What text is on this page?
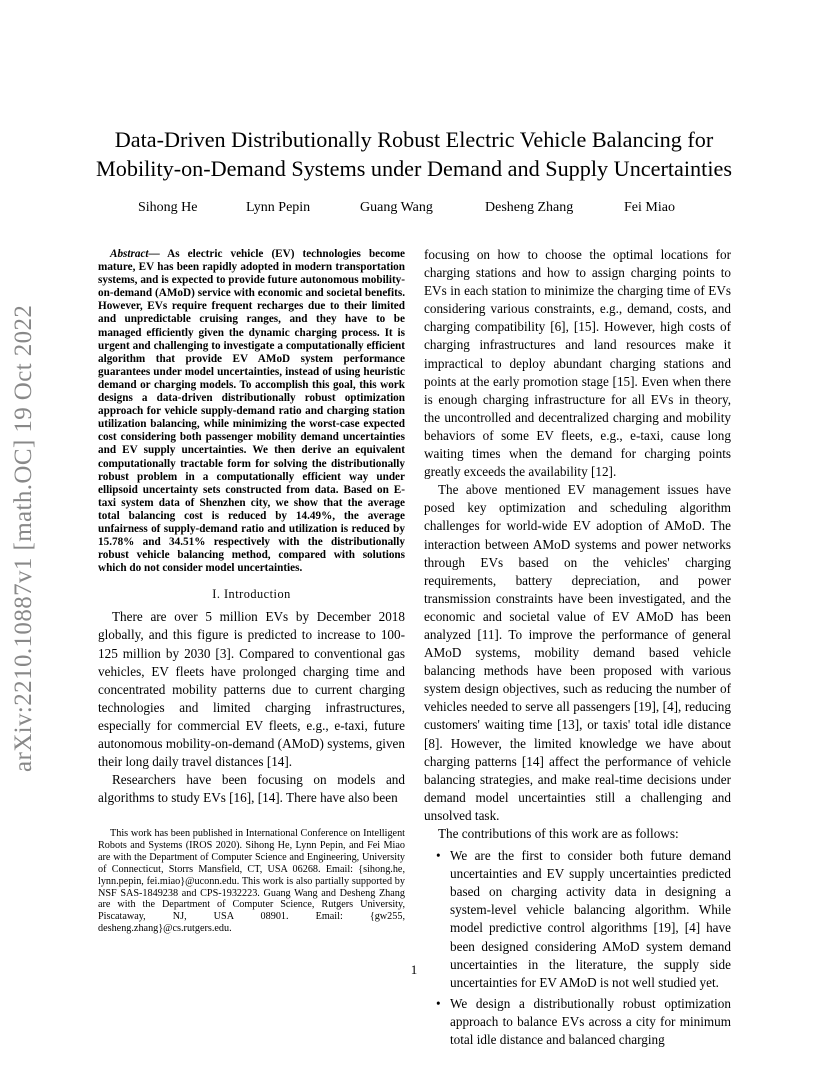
arXiv:2210.10887v1 [math.OC] 19 Oct 2022
Data-Driven Distributionally Robust Electric Vehicle Balancing for
Mobility-on-Demand Systems under Demand and Supply Uncertainties
Sihong He	Lynn Pepin	Guang Wang	Desheng Zhang	Fei Miao

Abstract— As electric vehicle (EV) technologies become mature, EV has been rapidly adopted in modern transportation systems, and is expected to provide future autonomous mobility-on-demand (AMoD) service with economic and societal benefits. However, EVs require frequent recharges due to their limited and unpredictable cruising ranges, and they have to be managed efficiently given the dynamic charging process. It is urgent and challenging to investigate a computationally efficient algorithm that provide EV AMoD system performance guarantees under model uncertainties, instead of using heuristic demand or charging models. To accomplish this goal, this work designs a data-driven distributionally robust optimization approach for vehicle supply-demand ratio and charging station utilization balancing, while minimizing the worst-case expected cost considering both passenger mobility demand uncertainties and EV supply uncertainties. We then derive an equivalent computationally tractable form for solving the distributionally robust problem in a computationally efficient way under ellipsoid uncertainty sets constructed from data. Based on E-taxi system data of Shenzhen city, we show that the average total balancing cost is reduced by 14.49%, the average unfairness of supply-demand ratio and utilization is reduced by 15.78% and 34.51% respectively with the distributionally robust vehicle balancing method, compared with solutions which do not consider model uncertainties.

I. Introduction

There are over 5 million EVs by December 2018 globally, and this figure is predicted to increase to 100-125 million by 2030 [3]. Compared to conventional gas vehicles, EV fleets have prolonged charging time and concentrated mobility patterns due to current charging technologies and limited charging infrastructures, especially for commercial EV fleets, e.g., e-taxi, future autonomous mobility-on-demand (AMoD) systems, given their long daily travel distances [14].

Researchers have been focusing on models and algorithms to study EVs [16], [14]. There have also been

This work has been published in International Conference on Intelligent Robots and Systems (IROS 2020). Sihong He, Lynn Pepin, and Fei Miao are with the Department of Computer Science and Engineering, University of Connecticut, Storrs Mansfield, CT, USA 06268. Email: {sihong.he, lynn.pepin, fei.miao}@uconn.edu. This work is also partially supported by NSF SAS-1849238 and CPS-1932223. Guang Wang and Desheng Zhang are with the Department of Computer Science, Rutgers University, Piscataway, NJ, USA 08901. Email: {gw255, desheng.zhang}@cs.rutgers.edu.

focusing on how to choose the optimal locations for charging stations and how to assign charging points to EVs in each station to minimize the charging time of EVs considering various constraints, e.g., demand, costs, and charging compatibility [6], [15]. However, high costs of charging infrastructures and land resources make it impractical to deploy abundant charging stations and points at the early promotion stage [15]. Even when there is enough charging infrastructure for all EVs in theory, the uncontrolled and decentralized charging and mobility behaviors of some EV fleets, e.g., e-taxi, cause long waiting times when the demand for charging points greatly exceeds the availability [12].

The above mentioned EV management issues have posed key optimization and scheduling algorithm challenges for world-wide EV adoption of AMoD. The interaction between AMoD systems and power networks through EVs based on the vehicles' charging requirements, battery depreciation, and power transmission constraints have been investigated, and the economic and societal value of EV AMoD has been analyzed [11]. To improve the performance of general AMoD systems, mobility demand based vehicle balancing methods have been proposed with various system design objectives, such as reducing the number of vehicles needed to serve all passengers [19], [4], reducing customers' waiting time [13], or taxis' total idle distance [8]. However, the limited knowledge we have about charging patterns [14] affect the performance of vehicle balancing strategies, and make real-time decisions under demand model uncertainties still a challenging and unsolved task.

The contributions of this work are as follows:

• We are the first to consider both future demand uncertainties and EV supply uncertainties predicted based on charging activity data in designing a system-level vehicle balancing algorithm. While model predictive control algorithms [19], [4] have been designed considering AMoD system demand uncertainties in the literature, the supply side uncertainties for EV AMoD is not well studied yet.
• We design a distributionally robust optimization approach to balance EVs across a city for minimum total idle distance and balanced charging
1
